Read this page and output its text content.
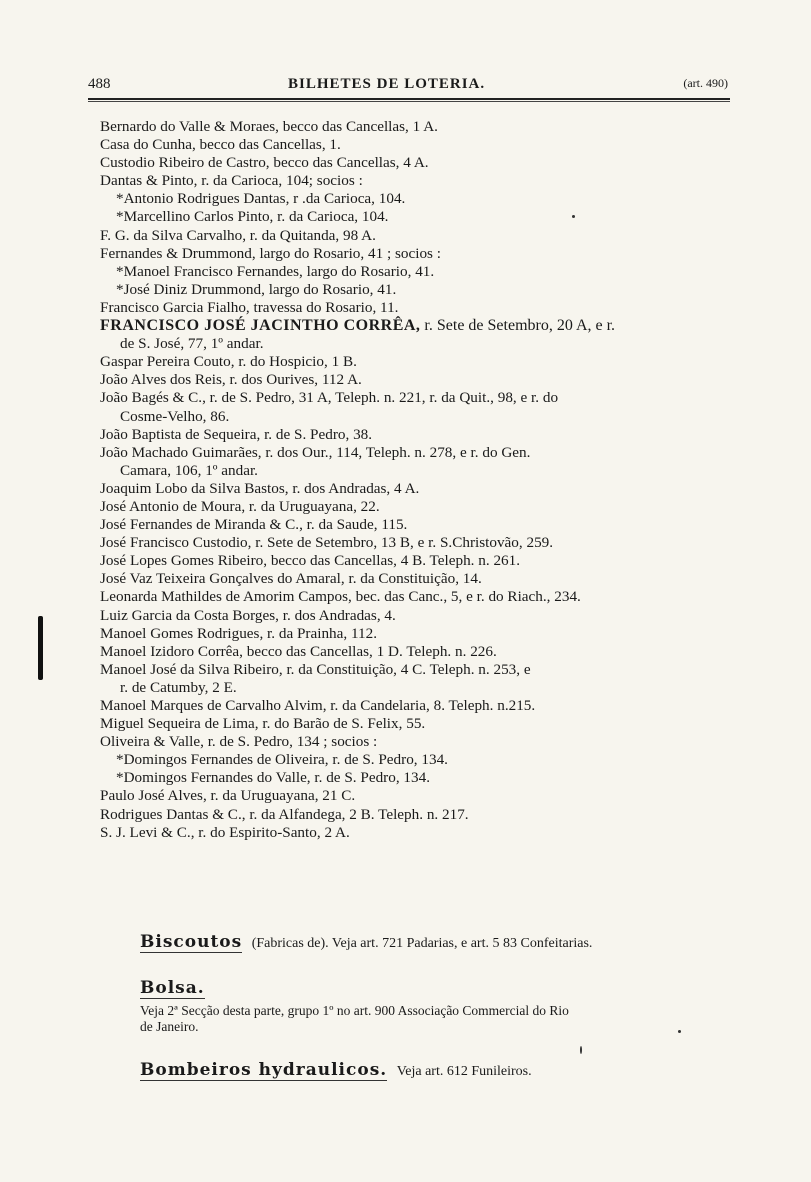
488	BILHETES DE LOTERIA.	(art. 490)
Bernardo do Valle & Moraes, becco das Cancellas, 1 A.
Casa do Cunha, becco das Cancellas, 1.
Custodio Ribeiro de Castro, becco das Cancellas, 4 A.
Dantas & Pinto, r. da Carioca, 104; socios :
*Antonio Rodrigues Dantas, r .da Carioca, 104.
*Marcellino Carlos Pinto, r. da Carioca, 104.
F. G. da Silva Carvalho, r. da Quitanda, 98 A.
Fernandes & Drummond, largo do Rosario, 41 ; socios :
*Manoel Francisco Fernandes, largo do Rosario, 41.
*José Diniz Drummond, largo do Rosario, 41.
Francisco Garcia Fialho, travessa do Rosario, 11.
FRANCISCO JOSÉ JACINTHO CORRÊA, r. Sete de Setembro, 20 A, e r.
de S. José, 77, 1º andar.
Gaspar Pereira Couto, r. do Hospicio, 1 B.
João Alves dos Reis, r. dos Ourives, 112 A.
João Bagés & C., r. de S. Pedro, 31 A, Teleph. n. 221, r. da Quit., 98, e r. do
Cosme-Velho, 86.
João Baptista de Sequeira, r. de S. Pedro, 38.
João Machado Guimarães, r. dos Our., 114, Teleph. n. 278, e r. do Gen.
Camara, 106, 1º andar.
Joaquim Lobo da Silva Bastos, r. dos Andradas, 4 A.
José Antonio de Moura, r. da Uruguayana, 22.
José Fernandes de Miranda & C., r. da Saude, 115.
José Francisco Custodio, r. Sete de Setembro, 13 B, e r. S.Christovão, 259.
José Lopes Gomes Ribeiro, becco das Cancellas, 4 B. Teleph. n. 261.
José Vaz Teixeira Gonçalves do Amaral, r. da Constituição, 14.
Leonarda Mathildes de Amorim Campos, bec. das Canc., 5, e r. do Riach., 234.
Luiz Garcia da Costa Borges, r. dos Andradas, 4.
Manoel Gomes Rodrigues, r. da Prainha, 112.
Manoel Izidoro Corrêa, becco das Cancellas, 1 D. Teleph. n. 226.
Manoel José da Silva Ribeiro, r. da Constituição, 4 C. Teleph. n. 253, e
r. de Catumby, 2 E.
Manoel Marques de Carvalho Alvim, r. da Candelaria, 8. Teleph. n.215.
Miguel Sequeira de Lima, r. do Barão de S. Felix, 55.
Oliveira & Valle, r. de S. Pedro, 134 ; socios :
*Domingos Fernandes de Oliveira, r. de S. Pedro, 134.
*Domingos Fernandes do Valle, r. de S. Pedro, 134.
Paulo José Alves, r. da Uruguayana, 21 C.
Rodrigues Dantas & C., r. da Alfandega, 2 B. Teleph. n. 217.
S. J. Levi & C., r. do Espirito-Santo, 2 A.
Biscoutos (Fabricas de). Veja art. 721 Padarias, e art. 5 83 Confeitarias.
Bolsa.
Veja 2ª Secção desta parte, grupo 1º no art. 900 Associação Commercial do Rio
de Janeiro.
Bombeiros hydraulicos. Veja art. 612 Funileiros.
